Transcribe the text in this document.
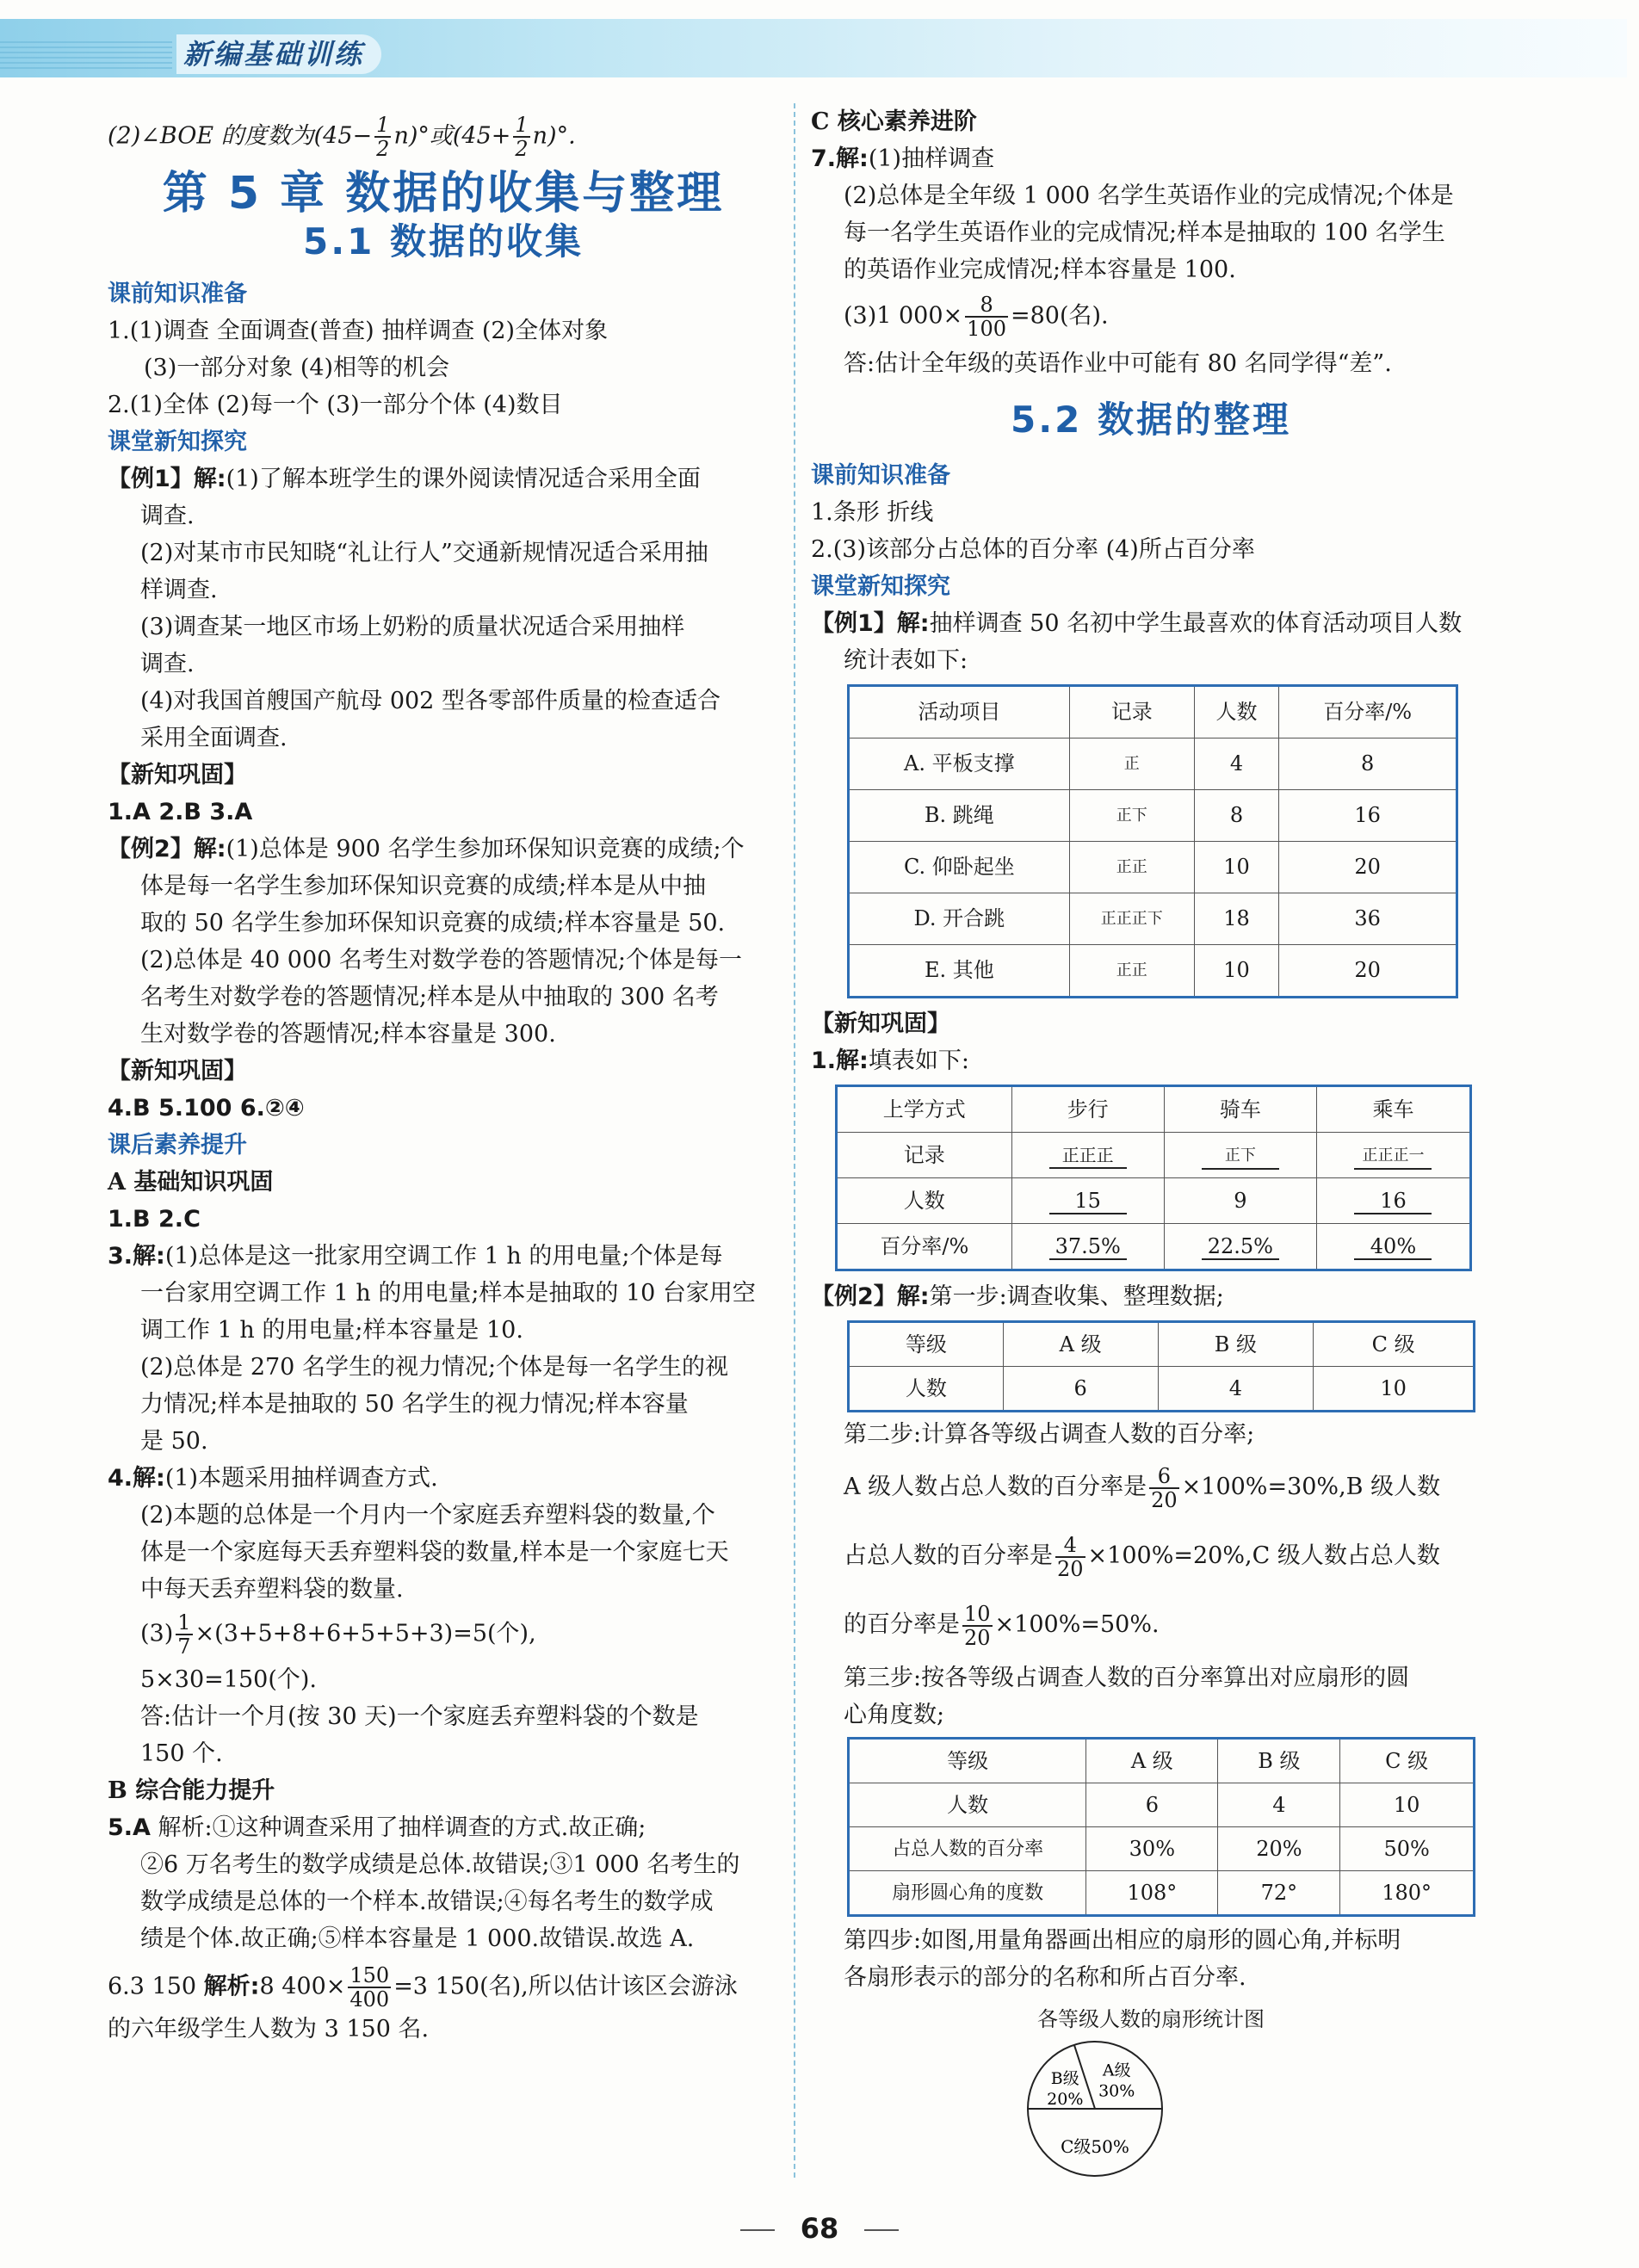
新编基础训练

(2)∠BOE 的度数为$(45- \frac{1}{2} n)^\circ$或$(45+ \frac{1}{2} n)^\circ$.

第 5 章 数据的收集与整理
5.1 数据的收集
课前知识准备

1.(1)调查 全面调查(普查) 抽样调查 (2)全体对象

(3)一部分对象 (4)相等的机会

2.(1)全体 (2)每一个 (3)一部分个体 (4)数目

课堂新知探究

【例1】解:(1)了解本班学生的课外阅读情况适合采用全面

调查.

(2)对某市市民知晓“礼让行人”交通新规情况适合采用抽

样调查.

(3)调查某一地区市场上奶粉的质量状况适合采用抽样

调查.

(4)对我国首艘国产航母 002 型各零部件质量的检查适合

采用全面调查.

【新知巩固】

1.A 2.B 3.A

【例2】解:(1)总体是 900 名学生参加环保知识竞赛的成绩;个

体是每一名学生参加环保知识竞赛的成绩;样本是从中抽

取的 50 名学生参加环保知识竞赛的成绩;样本容量是 50.

(2)总体是 40 000 名考生对数学卷的答题情况;个体是每一

名考生对数学卷的答题情况;样本是从中抽取的 300 名考

生对数学卷的答题情况;样本容量是 300.

【新知巩固】

4.B 5.100 6.②④

课后素养提升

A 基础知识巩固

1.B 2.C

3.解:(1)总体是这一批家用空调工作 1 h 的用电量;个体是每

一台家用空调工作 1 h 的用电量;样本是抽取的 10 台家用空

调工作 1 h 的用电量;样本容量是 10.

(2)总体是 270 名学生的视力情况;个体是每一名学生的视

力情况;样本是抽取的 50 名学生的视力情况;样本容量

是 50.

4.解:(1)本题采用抽样调查方式.

(2)本题的总体是一个月内一个家庭丢弃塑料袋的数量,个

体是一个家庭每天丢弃塑料袋的数量,样本是一个家庭七天

中每天丢弃塑料袋的数量.

$(3) \frac{1}{7} \times(3+5+8+6+5+5+3)=5$(个),

5×30=150(个).

答:估计一个月(按 30 天)一个家庭丢弃塑料袋的个数是

150 个.

B 综合能力提升

5.A 解析:①这种调查采用了抽样调查的方式.故正确;

②6 万名考生的数学成绩是总体.故错误;③1 000 名考生的

数学成绩是总体的一个样本.故错误;④每名考生的数学成

绩是个体.故正确;⑤样本容量是 1 000.故错误.故选 A.

6.3 150 解析:8 $400\times \frac{150}{400} =3$ 150(名),所以估计该区会游泳

的六年级学生人数为 3 150 名.

C 核心素养进阶

7.解:(1)抽样调查

(2)总体是全年级 1 000 名学生英语作业的完成情况;个体是

每一名学生英语作业的完成情况;样本是抽取的 100 名学生

的英语作业完成情况;样本容量是 100.

(3)1 $000\times \frac{8}{100} =80$(名).

答:估计全年级的英语作业中可能有 80 名同学得“差”.

5.2 数据的整理
课前知识准备

1.条形 折线

2.(3)该部分占总体的百分率 (4)所占百分率

课堂新知探究

【例1】解:抽样调查 50 名初中学生最喜欢的体育活动项目人数

统计表如下:

活动项目	记录	人数	百分率/%
A. 平板支撑	正	4	8
B. 跳绳	正下	8	16
C. 仰卧起坐	正正	10	20
D. 开合跳	正正正下	18	36
E. 其他	正正	10	20

【新知巩固】

1.解:填表如下:

上学方式	步行	骑车	乘车
记录	正正正	正下	正正正一
人数	15	9	16
百分率/%	37.5%	22.5%	40%

【例2】解:第一步:调查收集、整理数据;

等级	A 级	B 级	C 级
人数	6	4	10

第二步:计算各等级占调查人数的百分率;

A 级人数占总人数的百分率是 $\frac{6}{20} \times 100\%=30\%,B$ 级人数

占总人数的百分率是 $\frac{4}{20} \times 100\%=20\%,C$ 级人数占总人数

的百分率是 $\frac{10}{20} \times 100\%=50\%$.

第三步:按各等级占调查人数的百分率算出对应扇形的圆

心角度数;

等级	A 级	B 级	C 级
人数	6	4	10
占总人数的百分率	30%	20%	50%
扇形圆心角的度数	108°	72°	180°

第四步:如图,用量角器画出相应的扇形的圆心角,并标明

各扇形表示的部分的名称和所占百分率.

各等级人数的扇形统计图
B级
20%
A级
30%
C级50%
68
